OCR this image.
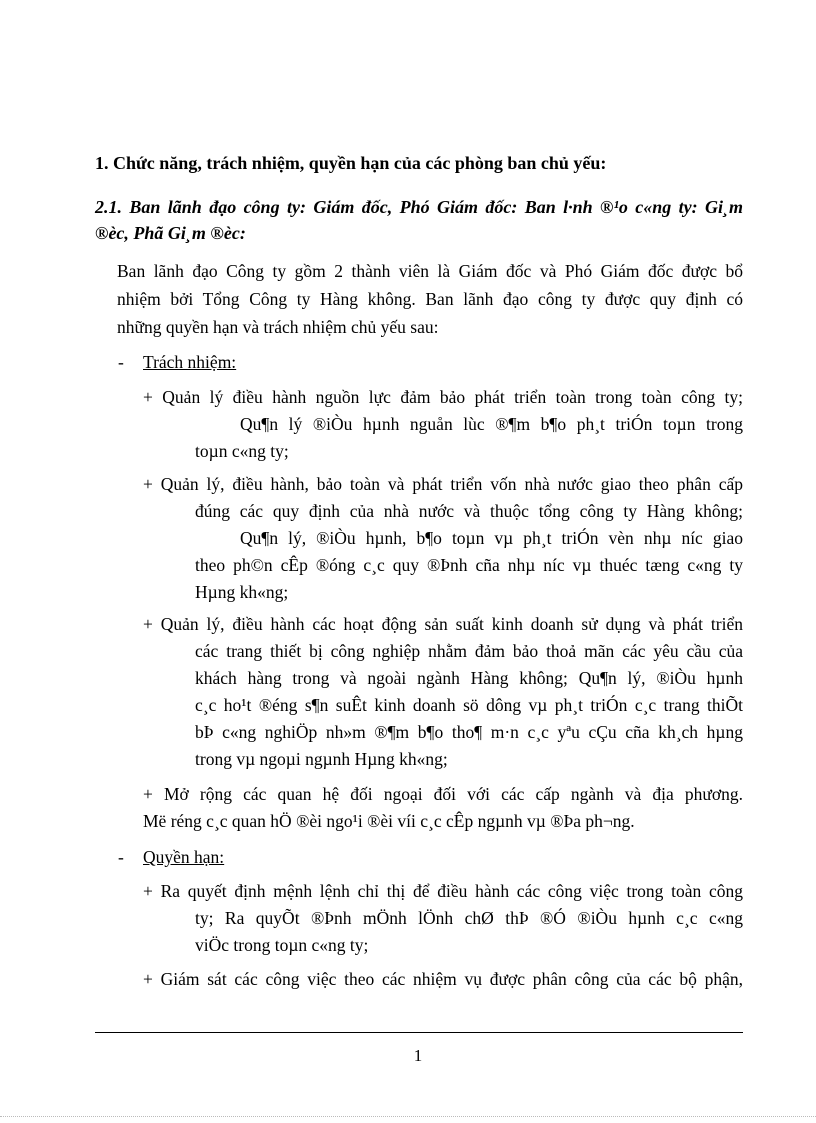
1. Chức năng, trách nhiệm, quyền hạn của các phòng ban chủ yếu:
2.1. Ban lãnh đạo công ty: Giám đốc, Phó Giám đốc: Ban l·nh ®¹o c«ng ty: Gi¸m
®èc, Phã Gi¸m ®èc:
Ban lãnh đạo Công ty gồm 2 thành viên là Giám đốc và Phó Giám đốc được bổ
nhiệm bởi Tổng Công ty Hàng không. Ban lãnh đạo công ty được quy định có
những quyền hạn và trách nhiệm chủ yếu sau:
- Trách nhiệm:
+ Quản lý điều hành nguồn lực đảm bảo phát triển toàn trong toàn công ty;
Qu¶n lý ®iÒu hµnh nguån lùc ®¶m b¶o ph¸t triÓn toµn trong
toµn c«ng ty;
+ Quản lý, điều hành, bảo toàn và phát triển vốn nhà nước giao theo phân cấp
đúng các quy định của nhà nước và thuộc tổng công ty Hàng không;
Qu¶n lý, ®iÒu hµnh, b¶o toµn vµ ph¸t triÓn vèn nhµ níc giao
theo ph©n cÊp ®óng c¸c quy ®Þnh cña nhµ níc vµ thuéc tæng c«ng ty
Hµng kh«ng;
+ Quản lý, điều hành các hoạt động sản suất kinh doanh sử dụng và phát triển
các trang thiết bị công nghiệp nhằm đảm bảo thoả mãn các yêu cầu của
khách hàng trong và ngoài ngành Hàng không; Qu¶n lý, ®iÒu hµnh
c¸c ho¹t ®éng s¶n suÊt kinh doanh sö dông vµ ph¸t triÓn c¸c trang thiÕt
bÞ c«ng nghiÖp nh»m ®¶m b¶o tho¶ m·n c¸c yªu cÇu cña kh¸ch hµng
trong vµ ngoµi ngµnh Hµng kh«ng;
+ Mở rộng các quan hệ đối ngoại đối với các cấp ngành và địa phương.
Më réng c¸c quan hÖ ®èi ngo¹i ®èi víi c¸c cÊp ngµnh vµ ®Þa ph¬ng.
- Quyền hạn:
+ Ra quyết định mệnh lệnh chỉ thị để điều hành các công việc trong toàn công
ty; Ra quyÕt ®Þnh mÖnh lÖnh chØ thÞ ®Ó ®iÒu hµnh c¸c c«ng
viÖc trong toµn c«ng ty;
+ Giám sát các công việc theo các nhiệm vụ được phân công của các bộ phận,
1
